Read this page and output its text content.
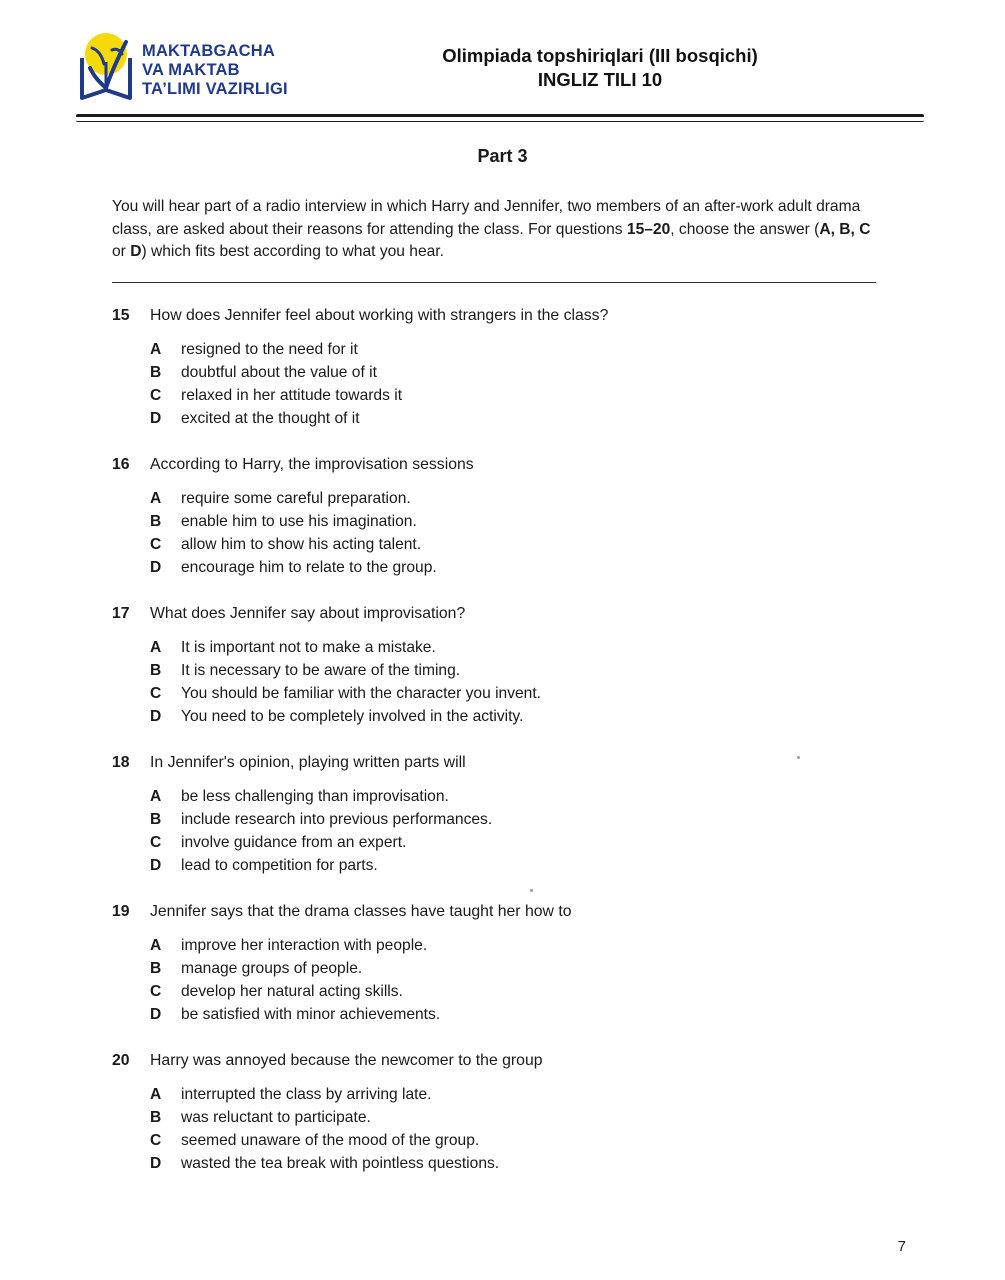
MAKTABGACHA
VA MAKTAB
TA’LIMI VAZIRLIGI
Olimpiada topshiriqlari (III bosqichi)
INGLIZ TILI 10
Part 3
You will hear part of a radio interview in which Harry and Jennifer, two members of an after-work adult drama class, are asked about their reasons for attending the class. For questions 15–20, choose the answer (A, B, C or D) which fits best according to what you hear.
15	How does Jennifer feel about working with strangers in the class?
A	resigned to the need for it
B	doubtful about the value of it
C	relaxed in her attitude towards it
D	excited at the thought of it
16	According to Harry, the improvisation sessions
A	require some careful preparation.
B	enable him to use his imagination.
C	allow him to show his acting talent.
D	encourage him to relate to the group.
17	What does Jennifer say about improvisation?
A	It is important not to make a mistake.
B	It is necessary to be aware of the timing.
C	You should be familiar with the character you invent.
D	You need to be completely involved in the activity.
18	In Jennifer's opinion, playing written parts will
A	be less challenging than improvisation.
B	include research into previous performances.
C	involve guidance from an expert.
D	lead to competition for parts.
19	Jennifer says that the drama classes have taught her how to
A	improve her interaction with people.
B	manage groups of people.
C	develop her natural acting skills.
D	be satisfied with minor achievements.
20	Harry was annoyed because the newcomer to the group
A	interrupted the class by arriving late.
B	was reluctant to participate.
C	seemed unaware of the mood of the group.
D	wasted the tea break with pointless questions.
7
